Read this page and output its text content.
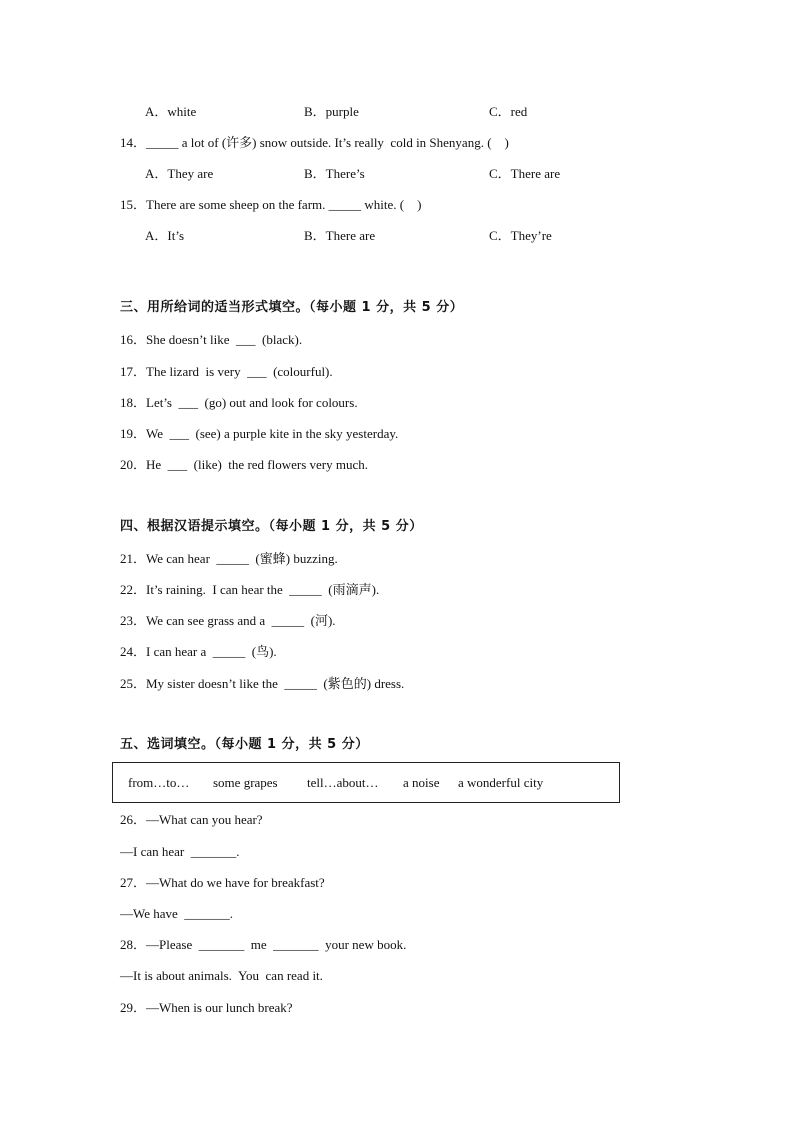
A．white	B．purple	C．red
14．_____ a lot of (许多) snow outside. It’s really  cold in Shenyang. (    )
A．They are	B．There’s	C．There are
15．There are some sheep on the farm. _____ white. (    )
A．It’s	B．There are	C．They’re
三、用所给词的适当形式填空。（每小题 1 分，共 5 分）
16．She doesn’t like  ___  (black).
17．The lizard  is very  ___  (colourful).
18．Let’s  ___  (go) out and look for colours.
19．We  ___  (see) a purple kite in the sky yesterday.
20．He  ___  (like)  the red flowers very much.
四、根据汉语提示填空。（每小题 1 分，共 5 分）
21．We can hear  _____  (蜜蜂) buzzing.
22．It’s raining.  I can hear the  _____  (雨滴声).
23．We can see grass and a  _____  (河).
24．I can hear a  _____  (鸟).
25．My sister doesn’t like the  _____  (紫色的) dress.
五、选词填空。（每小题 1 分，共 5 分）
from…to… some grapes tell…about… a noise a wonderful city
26．—What can you hear?
—I can hear  _______.
27．—What do we have for breakfast?
—We have  _______.
28．—Please  _______  me  _______  your new book.
—It is about animals.  You  can read it.
29．—When is our lunch break?
